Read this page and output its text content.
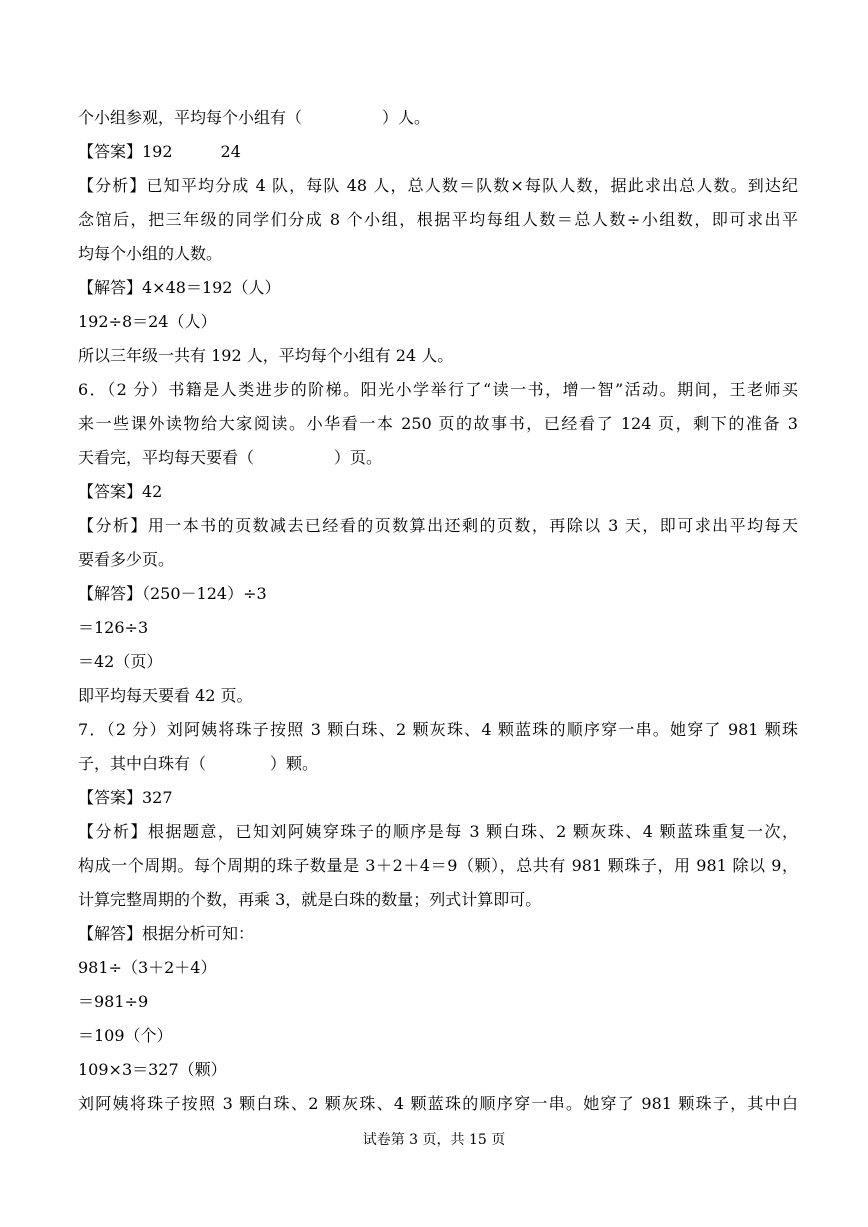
个小组参观，平均每个小组有（　　　　　）人。
【答案】192　　　24
【分析】已知平均分成 4 队，每队 48 人，总人数＝队数×每队人数，据此求出总人数。到达纪
念馆后，把三年级的同学们分成 8 个小组，根据平均每组人数＝总人数÷小组数，即可求出平
均每个小组的人数。
【解答】4×48＝192（人）
192÷8＝24（人）
所以三年级一共有 192 人，平均每个小组有 24 人。
6．（2 分）书籍是人类进步的阶梯。阳光小学举行了“读一书，增一智”活动。期间，王老师买
来一些课外读物给大家阅读。小华看一本 250 页的故事书，已经看了 124 页，剩下的准备 3
天看完，平均每天要看（　　　　　）页。
【答案】42
【分析】用一本书的页数减去已经看的页数算出还剩的页数，再除以 3 天，即可求出平均每天
要看多少页。
【解答】（250－124）÷3
＝126÷3
＝42（页）
即平均每天要看 42 页。
7．（2 分）刘阿姨将珠子按照 3 颗白珠、2 颗灰珠、4 颗蓝珠的顺序穿一串。她穿了 981 颗珠
子，其中白珠有（　　　　）颗。
【答案】327
【分析】根据题意，已知刘阿姨穿珠子的顺序是每 3 颗白珠、2 颗灰珠、4 颗蓝珠重复一次，
构成一个周期。每个周期的珠子数量是 3＋2＋4＝9（颗），总共有 981 颗珠子，用 981 除以 9，
计算完整周期的个数，再乘 3，就是白珠的数量；列式计算即可。
【解答】根据分析可知：
981÷（3＋2＋4）
＝981÷9
＝109（个）
109×3＝327（颗）
刘阿姨将珠子按照 3 颗白珠、2 颗灰珠、4 颗蓝珠的顺序穿一串。她穿了 981 颗珠子，其中白
试卷第 3 页，共 15 页
